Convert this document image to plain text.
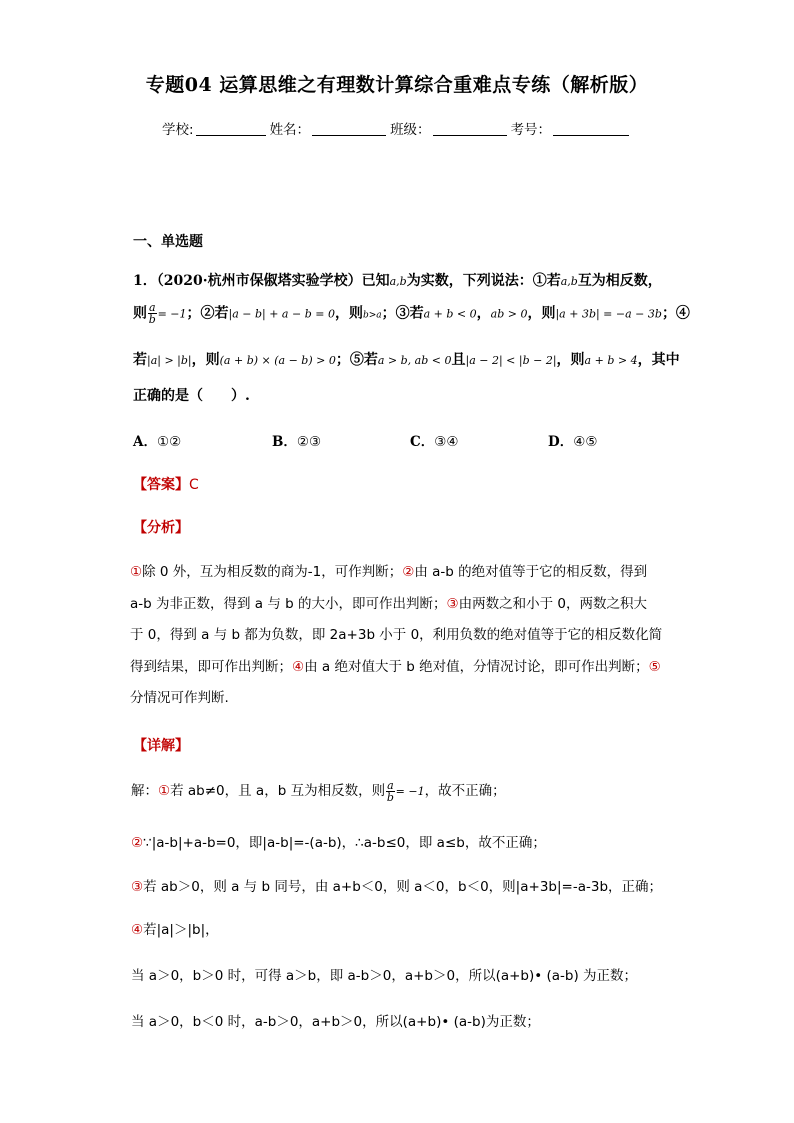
专题04 运算思维之有理数计算综合重难点专练（解析版）
学校:	姓名：	班级：	考号：
一、单选题
1．（2020·杭州市保俶塔实验学校）已知a,b为实数，下列说法：①若a,b互为相反数，
则 $\frac{a}{b} = -1$；②若|a − b| + a − b = 0，则b>a；③若a + b < 0，ab > 0，则|a + 3b| = −a − 3b；④
若|a| > |b|，则(a + b) × (a − b) > 0；⑤若a > b, ab < 0且|a − 2| < |b − 2|，则a + b > 4，其中
正确的是（　　）.
A．①②	B．②③	C．③④	D．④⑤
【答案】C
【分析】
①除 0 外，互为相反数的商为-1，可作判断；②由 a-b 的绝对值等于它的相反数，得到
a-b 为非正数，得到 a 与 b 的大小，即可作出判断；③由两数之和小于 0，两数之积大
于 0，得到 a 与 b 都为负数，即 2a+3b 小于 0，利用负数的绝对值等于它的相反数化简
得到结果，即可作出判断；④由 a 绝对值大于 b 绝对值，分情况讨论，即可作出判断；⑤
分情况可作判断.
【详解】
解：①若 ab≠0，且 a，b 互为相反数，则 $\frac{a}{b} = -1$，故不正确；
②∵|a-b|+a-b=0，即|a-b|=-(a-b)，∴a-b≤0，即 a≤b，故不正确；
③若 ab＞0，则 a 与 b 同号，由 a+b＜0，则 a＜0，b＜0，则|a+3b|=-a-3b，正确；
④若|a|＞|b|，
当 a＞0，b＞0 时，可得 a＞b，即 a-b＞0，a+b＞0，所以(a+b)• (a-b) 为正数；
当 a＞0，b＜0 时，a-b＞0，a+b＞0，所以(a+b)• (a-b)为正数；
